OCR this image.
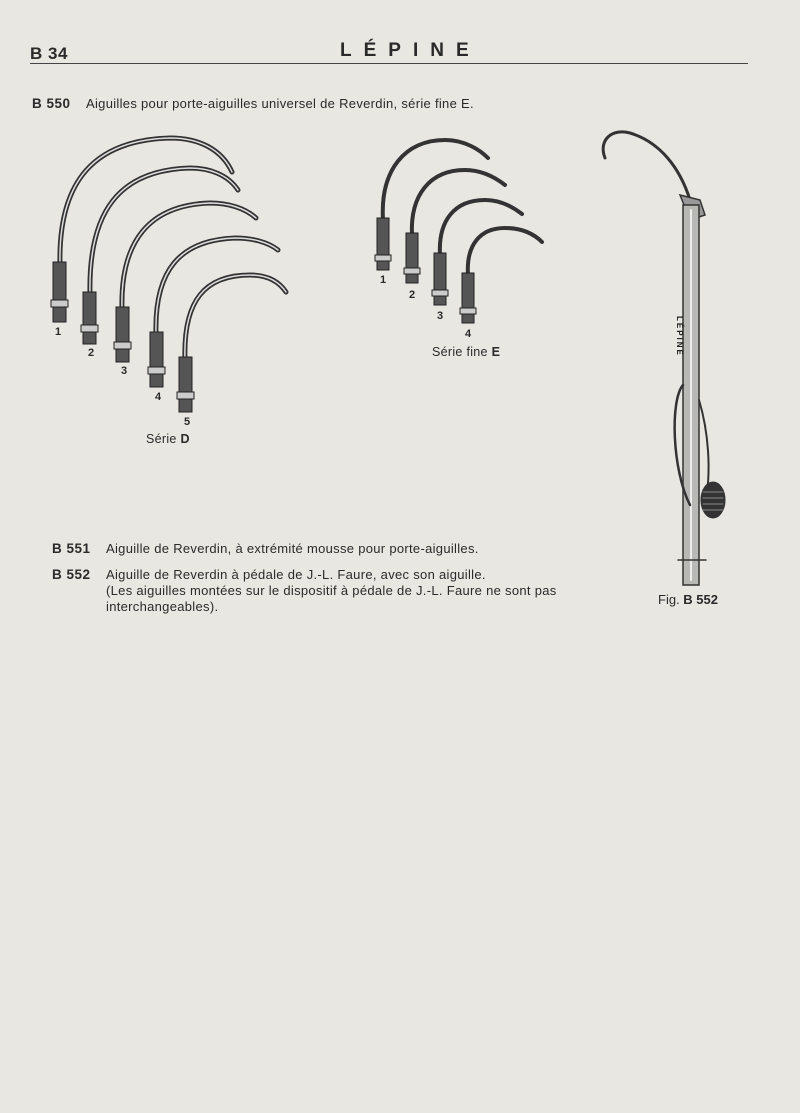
B 34	LÉPINE
B 550 Aiguilles pour porte-aiguilles universel de Reverdin, série fine E.
1
2
3
4
5
Série D
1
2
3
4
Série fine E
B 551 Aiguille de Reverdin, à extrémité mousse pour porte-aiguilles.
B 552 Aiguille de Reverdin à pédale de J.-L. Faure, avec son aiguille.
(Les aiguilles montées sur le dispositif à pédale de J.-L. Faure ne sont pas
interchangeables).	Fig. B 552
LÉPINE
